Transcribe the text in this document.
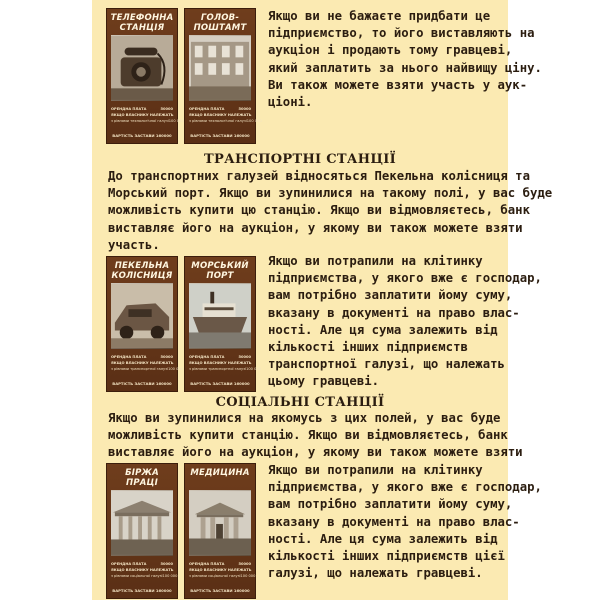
ТЕЛЕФОННА
СТАНЦІЯ
ОРЕНДНА ПЛАТА	50000
ЯКЩО ВЛАСНИКУ НАЛЕЖАТЬ
з рівнями технологічної галузі 100 000
ВАРТІСТЬ ЗАСТАВИ 160000
ГОЛОВ-
ПОШТАМТ
ОРЕНДНА ПЛАТА	50000
ЯКЩО ВЛАСНИКУ НАЛЕЖАТЬ
з рівнями технологічної галузі 100 000
ВАРТІСТЬ ЗАСТАВИ 160000

Якщо ви не бажаєте придбати це

підприємство, то його виставляють на

аукціон і продають тому гравцеві,

який заплатить за нього найвищу ціну.

Ви також можете взяти участь у аук-

ціоні.

ТРАНСПОРТНІ СТАНЦІЇ

До транспортних галузей відносяться Пекельна колісниця та

Морський порт. Якщо ви зупинилися на такому полі, у вас буде

можливість купити цю станцію. Якщо ви відмовляєтесь, банк

виставляє його на аукціон, у якому ви також можете взяти

участь.

ПЕКЕЛЬНА
КОЛІСНИЦЯ
ОРЕНДНА ПЛАТА	50000
ЯКЩО ВЛАСНИКУ НАЛЕЖАТЬ
з рівнями транспортної галузі 100 000
ВАРТІСТЬ ЗАСТАВИ 160000
МОРСЬКИЙ
ПОРТ
ОРЕНДНА ПЛАТА	50000
ЯКЩО ВЛАСНИКУ НАЛЕЖАТЬ
з рівнями транспортної галузі 100 000
ВАРТІСТЬ ЗАСТАВИ 160000

Якщо ви потрапили на клітинку

підприємства, у якого вже є господар,

вам потрібно заплатити йому суму,

вказану в документі на право влас-

ності. Але ця сума залежить від

кількості інших підприємств

транспортної галузі, що належать

цьому гравцеві.

СОЦІАЛЬНІ СТАНЦІЇ

Якщо ви зупинилися на якомусь з цих полей, у вас буде

можливість купити станцію. Якщо ви відмовляєтесь, банк

виставляє його на аукціон, у якому ви також можете взяти

БІРЖА
ПРАЦІ
ОРЕНДНА ПЛАТА	50000
ЯКЩО ВЛАСНИКУ НАЛЕЖАТЬ
з рівнями соціальної галузі 100 000
ВАРТІСТЬ ЗАСТАВИ 160000
МЕДИЦИНА
ОРЕНДНА ПЛАТА	50000
ЯКЩО ВЛАСНИКУ НАЛЕЖАТЬ
з рівнями соціальної галузі 100 000
ВАРТІСТЬ ЗАСТАВИ 160000

Якщо ви потрапили на клітинку

підприємства, у якого вже є господар,

вам потрібно заплатити йому суму,

вказану в документі на право влас-

ності. Але ця сума залежить від

кількості інших підприємств цієї

галузі, що належать гравцеві.
